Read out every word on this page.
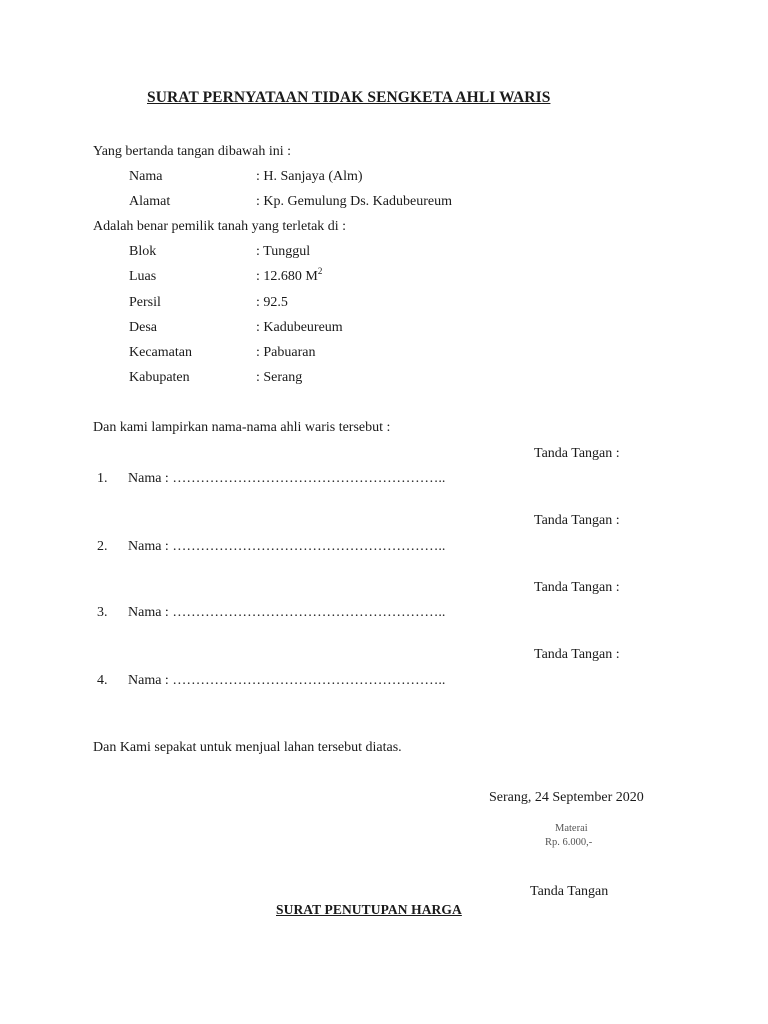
SURAT PERNYATAAN TIDAK SENGKETA AHLI WARIS
Yang bertanda tangan dibawah ini :
Nama	: H. Sanjaya (Alm)
Alamat	: Kp. Gemulung Ds. Kadubeureum
Adalah benar pemilik tanah yang terletak di :
Blok	: Tunggul
Luas	: 12.680 $M^2$
Persil	: 92.5
Desa	: Kadubeureum
Kecamatan	: Pabuaran
Kabupaten	: Serang
Dan kami lampirkan nama-nama ahli waris tersebut :
Tanda Tangan :
1. Nama : …………………………………………………..
Tanda Tangan :
2. Nama : …………………………………………………..
Tanda Tangan :
3. Nama : …………………………………………………..
Tanda Tangan :
4. Nama : …………………………………………………..
Dan Kami sepakat untuk menjual lahan tersebut diatas.
Serang, 24 September 2020
Materai
Rp. 6.000,-
Tanda Tangan
SURAT PENUTUPAN HARGA
